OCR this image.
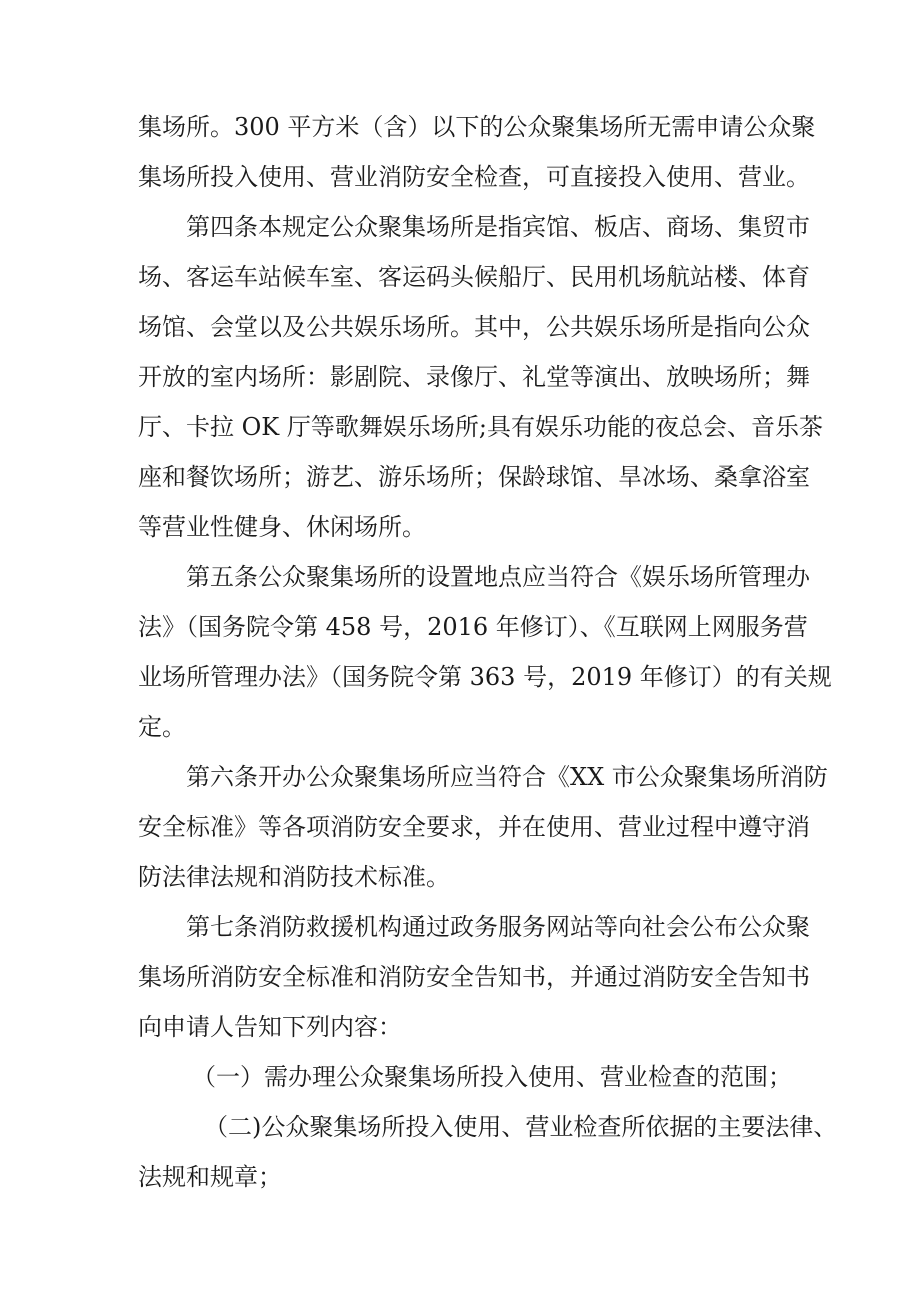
集场所。300 平方米（含）以下的公众聚集场所无需申请公众聚
集场所投入使用、营业消防安全检查，可直接投入使用、营业。
第四条本规定公众聚集场所是指宾馆、板店、商场、集贸市
场、客运车站候车室、客运码头候船厅、民用机场航站楼、体育
场馆、会堂以及公共娱乐场所。其中，公共娱乐场所是指向公众
开放的室内场所：影剧院、录像厅、礼堂等演出、放映场所；舞
厅、卡拉 OK 厅等歌舞娱乐场所;具有娱乐功能的夜总会、音乐茶
座和餐饮场所；游艺、游乐场所；保龄球馆、旱冰场、桑拿浴室
等营业性健身、休闲场所。
第五条公众聚集场所的设置地点应当符合《娱乐场所管理办
法》（国务院令第 458 号，2016 年修订）、《互联网上网服务营
业场所管理办法》（国务院令第 363 号，2019 年修订）的有关规
定。
第六条开办公众聚集场所应当符合《XX 市公众聚集场所消防
安全标准》等各项消防安全要求，并在使用、营业过程中遵守消
防法律法规和消防技术标准。
第七条消防救援机构通过政务服务网站等向社会公布公众聚
集场所消防安全标准和消防安全告知书，并通过消防安全告知书
向申请人告知下列内容：
（一）需办理公众聚集场所投入使用、营业检查的范围；
（二)公众聚集场所投入使用、营业检查所依据的主要法律、
法规和规章；
